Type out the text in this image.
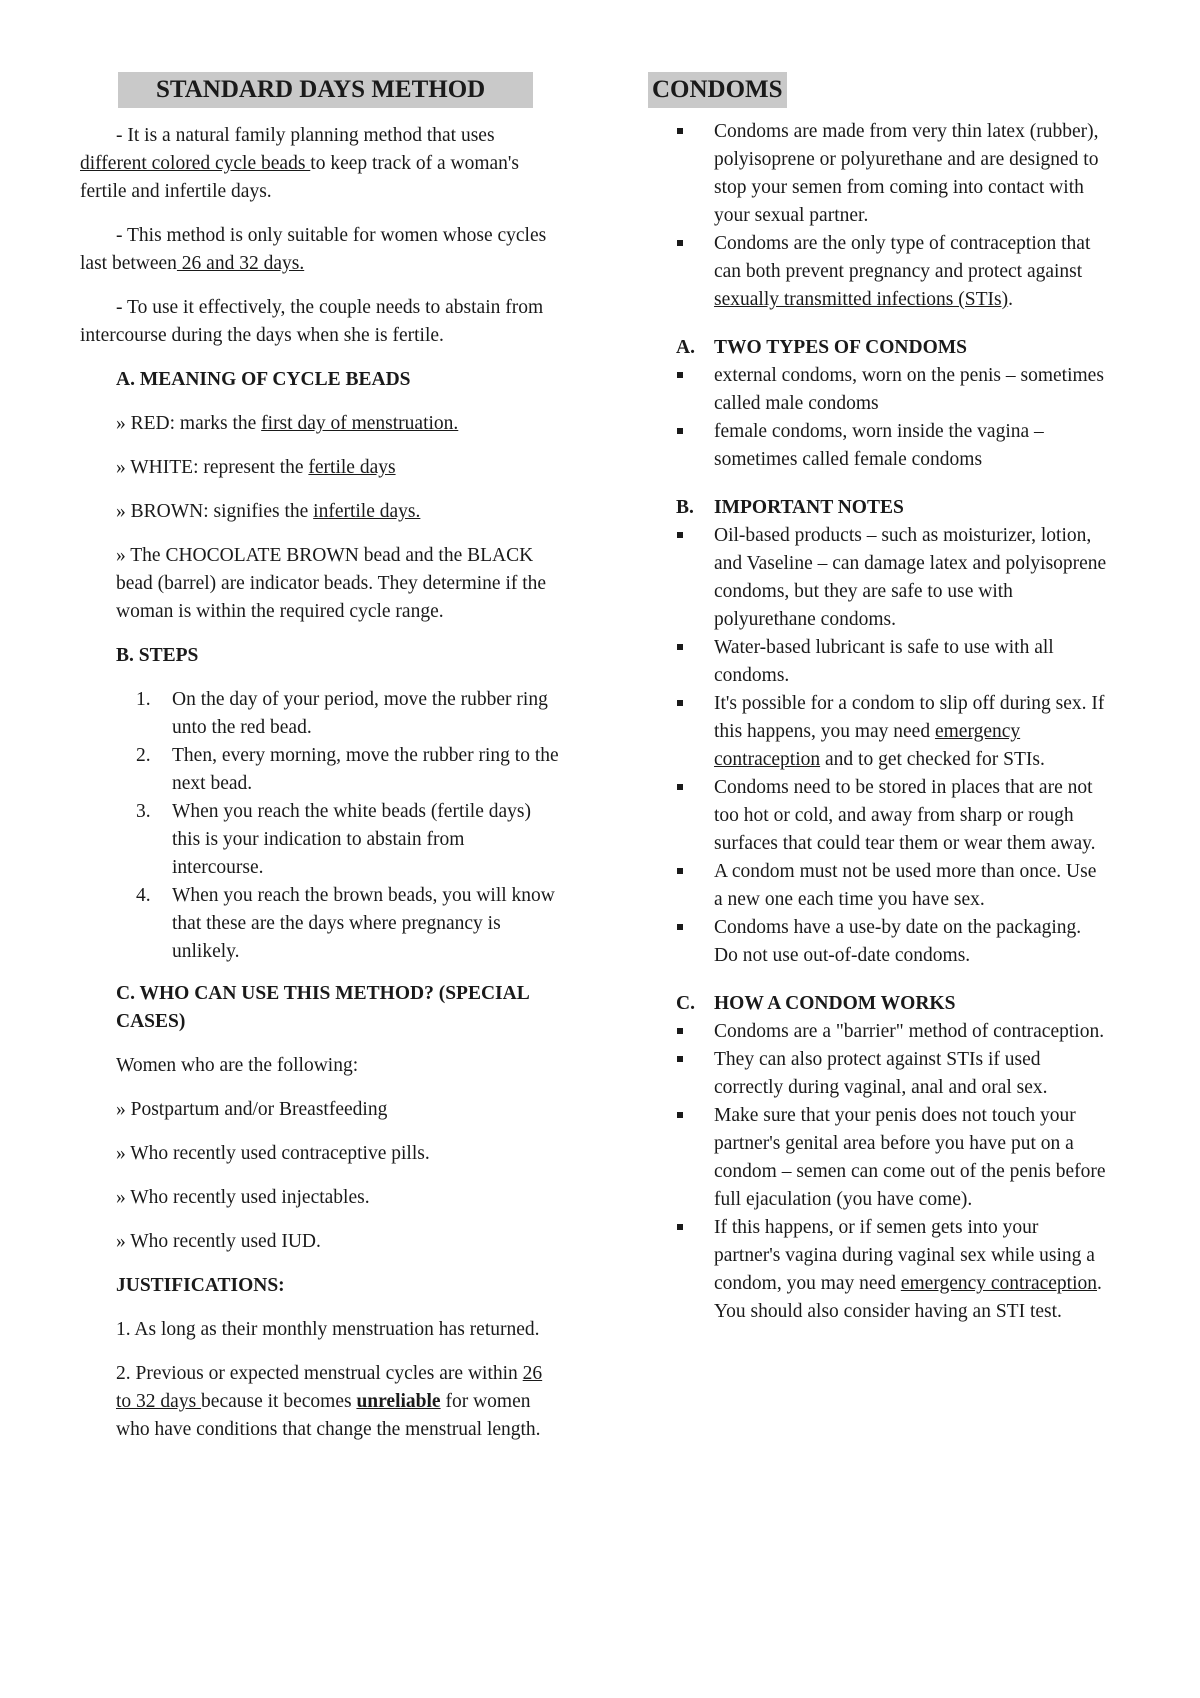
STANDARD DAYS METHOD

- It is a natural family planning method that uses different colored cycle beads to keep track of a woman's fertile and infertile days.

- This method is only suitable for women whose cycles last between 26 and 32 days.

- To use it effectively, the couple needs to abstain from intercourse during the days when she is fertile.

A. MEANING OF CYCLE BEADS

» RED: marks the first day of menstruation.

» WHITE: represent the fertile days

» BROWN: signifies the infertile days.

» The CHOCOLATE BROWN bead and the BLACK bead (barrel) are indicator beads. They determine if the woman is within the required cycle range.

B. STEPS
1. On the day of your period, move the rubber ring unto the red bead.
2. Then, every morning, move the rubber ring to the next bead.
3. When you reach the white beads (fertile days) this is your indication to abstain from intercourse.
4. When you reach the brown beads, you will know that these are the days where pregnancy is unlikely.
C. WHO CAN USE THIS METHOD? (SPECIAL CASES)

Women who are the following:

» Postpartum and/or Breastfeeding

» Who recently used contraceptive pills.

» Who recently used injectables.

» Who recently used IUD.

JUSTIFICATIONS:

1. As long as their monthly menstruation has returned.

2. Previous or expected menstrual cycles are within 26 to 32 days because it becomes unreliable for women who have conditions that change the menstrual length.

CONDOMS
Condoms are made from very thin latex (rubber), polyisoprene or polyurethane and are designed to stop your semen from coming into contact with your sexual partner.
Condoms are the only type of contraception that can both prevent pregnancy and protect against sexually transmitted infections (STIs).
A. TWO TYPES OF CONDOMS
external condoms, worn on the penis – sometimes called male condoms
female condoms, worn inside the vagina – sometimes called female condoms
B. IMPORTANT NOTES
Oil-based products – such as moisturizer, lotion, and Vaseline – can damage latex and polyisoprene condoms, but they are safe to use with polyurethane condoms.
Water-based lubricant is safe to use with all condoms.
It's possible for a condom to slip off during sex. If this happens, you may need emergency contraception and to get checked for STIs.
Condoms need to be stored in places that are not too hot or cold, and away from sharp or rough surfaces that could tear them or wear them away.
A condom must not be used more than once. Use a new one each time you have sex.
Condoms have a use-by date on the packaging. Do not use out-of-date condoms.
C. HOW A CONDOM WORKS
Condoms are a "barrier" method of contraception.
They can also protect against STIs if used correctly during vaginal, anal and oral sex.
Make sure that your penis does not touch your partner's genital area before you have put on a condom – semen can come out of the penis before full ejaculation (you have come).
If this happens, or if semen gets into your partner's vagina during vaginal sex while using a condom, you may need emergency contraception. You should also consider having an STI test.
